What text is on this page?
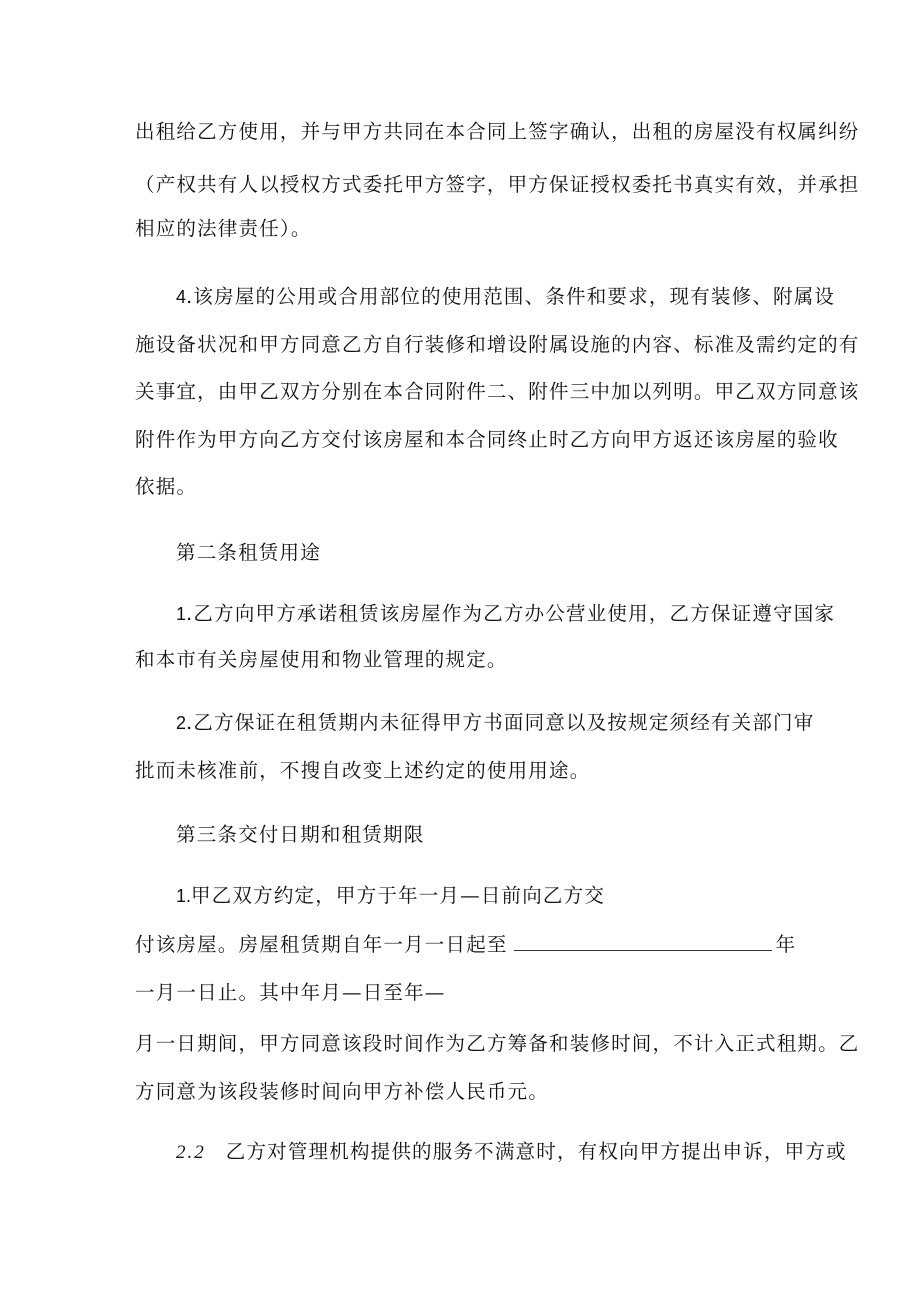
出租给乙方使用，并与甲方共同在本合同上签字确认，出租的房屋没有权属纠纷
（产权共有人以授权方式委托甲方签字，甲方保证授权委托书真实有效，并承担
相应的法律责任）。
4.该房屋的公用或合用部位的使用范围、条件和要求，现有装修、附属设
施设备状况和甲方同意乙方自行装修和增设附属设施的内容、标准及需约定的有
关事宜，由甲乙双方分别在本合同附件二、附件三中加以列明。甲乙双方同意该
附件作为甲方向乙方交付该房屋和本合同终止时乙方向甲方返还该房屋的验收
依据。
第二条租赁用途
1.乙方向甲方承诺租赁该房屋作为乙方办公营业使用，乙方保证遵守国家
和本市有关房屋使用和物业管理的规定。
2.乙方保证在租赁期内未征得甲方书面同意以及按规定须经有关部门审
批而未核准前，不搜自改变上述约定的使用用途。
第三条交付日期和租赁期限
1.甲乙双方约定，甲方于年一月—日前向乙方交
付该房屋。房屋租赁期自年一月一日起至	年
一月一日止。其中年月—日至年—
月一日期间，甲方同意该段时间作为乙方筹备和装修时间，不计入正式租期。乙
方同意为该段装修时间向甲方补偿人民币元。
2.2 乙方对管理机构提供的服务不满意时，有权向甲方提出申诉，甲方或
